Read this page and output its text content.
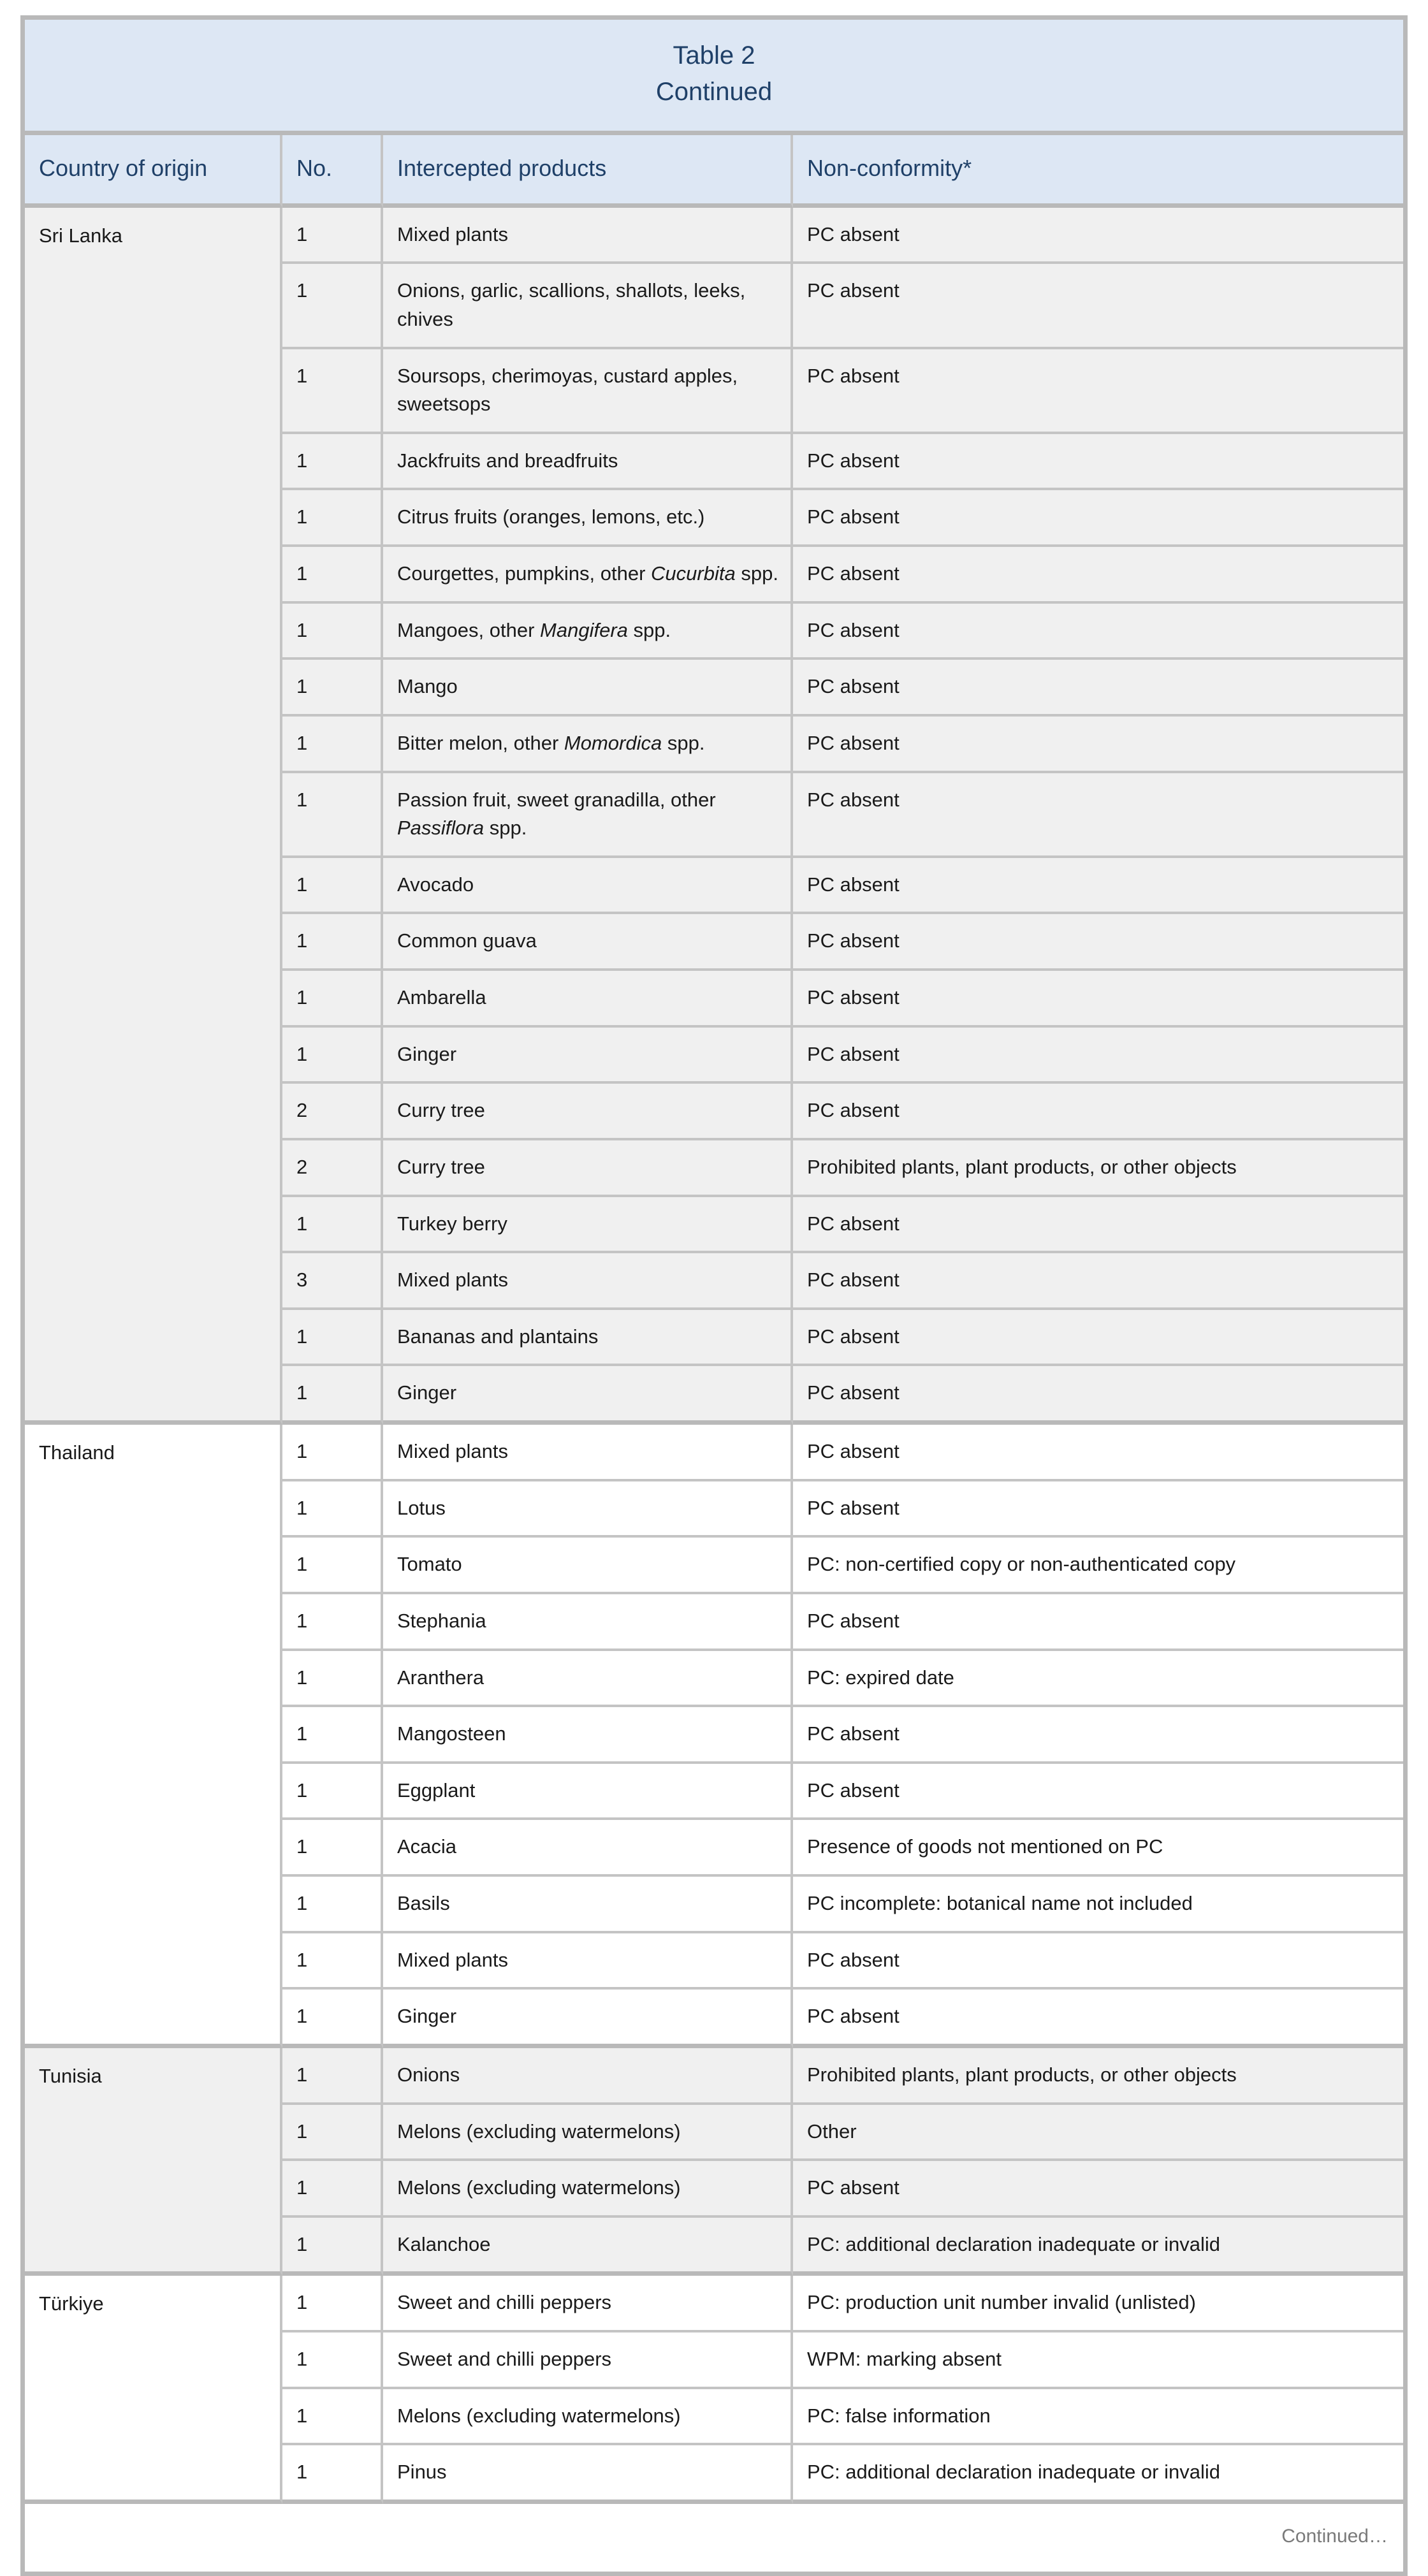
Table 2
Continued			

Country of origin	No.	Intercepted products	Non-conformity*
Sri Lanka	1	Mixed plants	PC absent
	1	Onions, garlic, scallions, shallots, leeks, chives	PC absent
	1	Soursops, cherimoyas, custard apples, sweetsops	PC absent
	1	Jackfruits and breadfruits	PC absent
	1	Citrus fruits (oranges, lemons, etc.)	PC absent
	1	Courgettes, pumpkins, other Cucurbita spp.	PC absent
	1	Mangoes, other Mangifera spp.	PC absent
	1	Mango	PC absent
	1	Bitter melon, other Momordica spp.	PC absent
	1	Passion fruit, sweet granadilla, other Passiflora spp.	PC absent
	1	Avocado	PC absent
	1	Common guava	PC absent
	1	Ambarella	PC absent
	1	Ginger	PC absent
	2	Curry tree	PC absent
	2	Curry tree	Prohibited plants, plant products, or other objects
	1	Turkey berry	PC absent
	3	Mixed plants	PC absent
	1	Bananas and plantains	PC absent
	1	Ginger	PC absent
Thailand	1	Mixed plants	PC absent
	1	Lotus	PC absent
	1	Tomato	PC: non-certified copy or non-authenticated copy
	1	Stephania	PC absent
	1	Aranthera	PC: expired date
	1	Mangosteen	PC absent
	1	Eggplant	PC absent
	1	Acacia	Presence of goods not mentioned on PC
	1	Basils	PC incomplete: botanical name not included
	1	Mixed plants	PC absent
	1	Ginger	PC absent
Tunisia	1	Onions	Prohibited plants, plant products, or other objects
	1	Melons (excluding watermelons)	Other
	1	Melons (excluding watermelons)	PC absent
	1	Kalanchoe	PC: additional declaration inadequate or invalid
Türkiye	1	Sweet and chilli peppers	PC: production unit number invalid (unlisted)
	1	Sweet and chilli peppers	WPM: marking absent
	1	Melons (excluding watermelons)	PC: false information
	1	Pinus	PC: additional declaration inadequate or invalid
Continued…			
